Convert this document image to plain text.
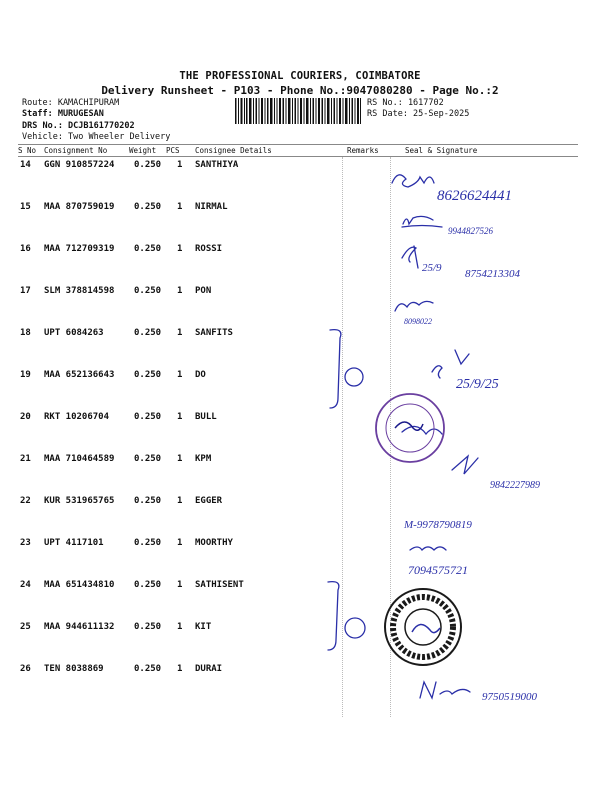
THE PROFESSIONAL COURIERS, COIMBATORE
Delivery Runsheet - P103 - Phone No.:9047080280 - Page No.:2
Route: KAMACHIPURAM
Staff: MURUGESAN
DRS No.: DCJB161770202
Vehicle: Two Wheeler Delivery
RS No.: 1617702
RS Date: 25-Sep-2025
S No Consignment No	Weight PCS Consignee Details	Remarks	Seal & Signature
14 GGN 910857224 0.250 1 SANTHIYA
15 MAA 870759019 0.250 1 NIRMAL
16 MAA 712709319 0.250 1 ROSSI
17 SLM 378814598 0.250 1 PON
18 UPT 6084263	0.250 1 SANFITS
19 MAA 652136643 0.250 1 DO
20 RKT 10206704	0.250 1 BULL
21 MAA 710464589 0.250 1 KPM
22 KUR 531965765 0.250 1 EGGER
23 UPT 4117101	0.250 1 MOORTHY
24 MAA 651434810 0.250 1 SATHISENT
25 MAA 944611132 0.250 1 KIT
26 TEN 8038869	0.250 1 DURAI
8626624441
9944827526
25/9 8754213304
8098022
25/9/25
9842227989
M-9978790819
7094575721
9750519000
